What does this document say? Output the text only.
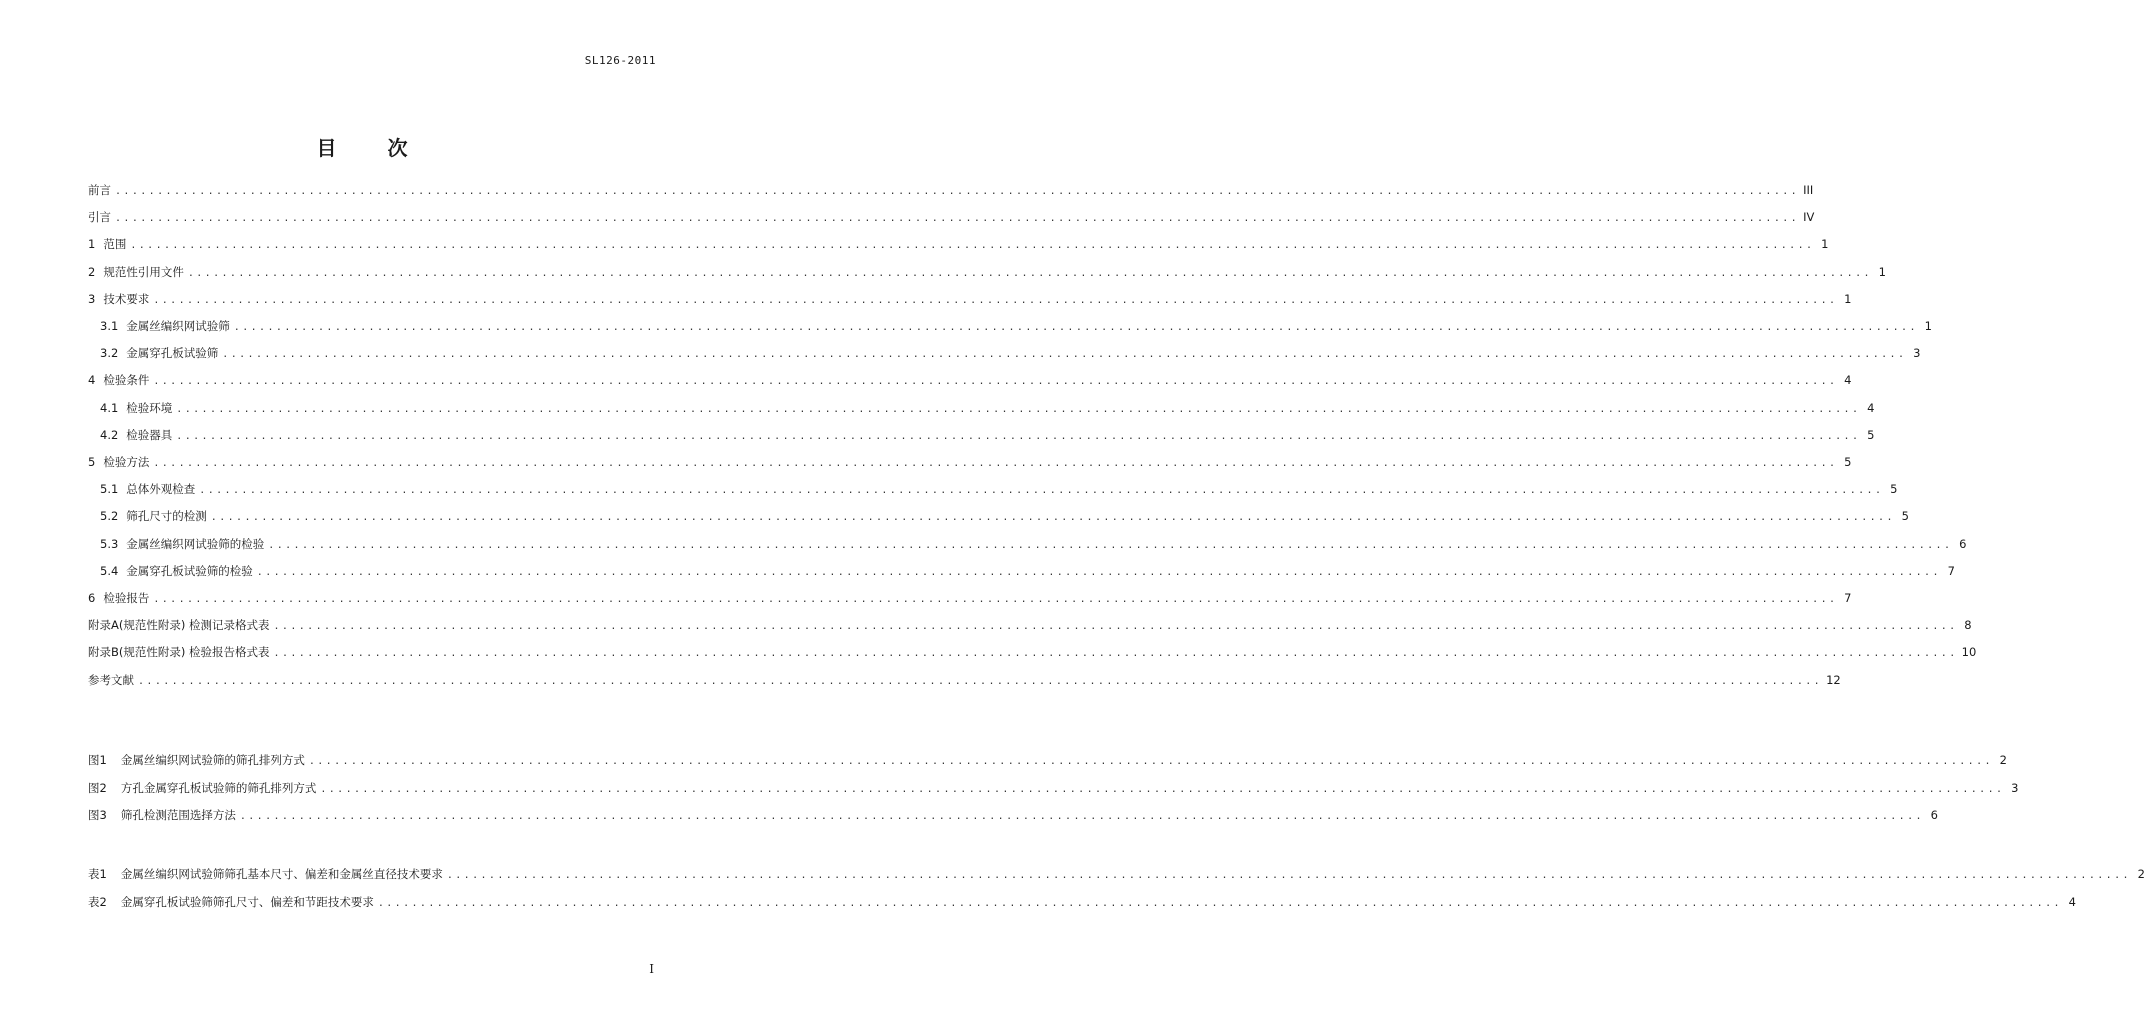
SL126-2011
目	次
前言 ........................................................................................................................................................................................................ III
引言 ........................................................................................................................................................................................................ IV
1 范围 ........................................................................................................................................................................................................ 1
2 规范性引用文件 ........................................................................................................................................................................................................ 1
3 技术要求 ........................................................................................................................................................................................................ 1
3.1 金属丝编织网试验筛 ........................................................................................................................................................................................................ 1
3.2 金属穿孔板试验筛 ........................................................................................................................................................................................................ 3
4 检验条件 ........................................................................................................................................................................................................ 4
4.1 检验环境 ........................................................................................................................................................................................................ 4
4.2 检验器具 ........................................................................................................................................................................................................ 5
5 检验方法 ........................................................................................................................................................................................................ 5
5.1 总体外观检查 ........................................................................................................................................................................................................ 5
5.2 筛孔尺寸的检测 ........................................................................................................................................................................................................ 5
5.3 金属丝编织网试验筛的检验 ........................................................................................................................................................................................................ 6
5.4 金属穿孔板试验筛的检验 ........................................................................................................................................................................................................ 7
6 检验报告 ........................................................................................................................................................................................................ 7
附录A(规范性附录) 检测记录格式表 ........................................................................................................................................................................................................ 8
附录B(规范性附录) 检验报告格式表 ........................................................................................................................................................................................................ 10
参考文献 ........................................................................................................................................................................................................ 12
图1 金属丝编织网试验筛的筛孔排列方式 ........................................................................................................................................................................................................ 2
图2 方孔金属穿孔板试验筛的筛孔排列方式 ........................................................................................................................................................................................................ 3
图3 筛孔检测范围选择方法 ........................................................................................................................................................................................................ 6
表1 金属丝编织网试验筛筛孔基本尺寸、偏差和金属丝直径技术要求 ........................................................................................................................................................................................................ 2
表2 金属穿孔板试验筛筛孔尺寸、偏差和节距技术要求 ........................................................................................................................................................................................................ 4
I
